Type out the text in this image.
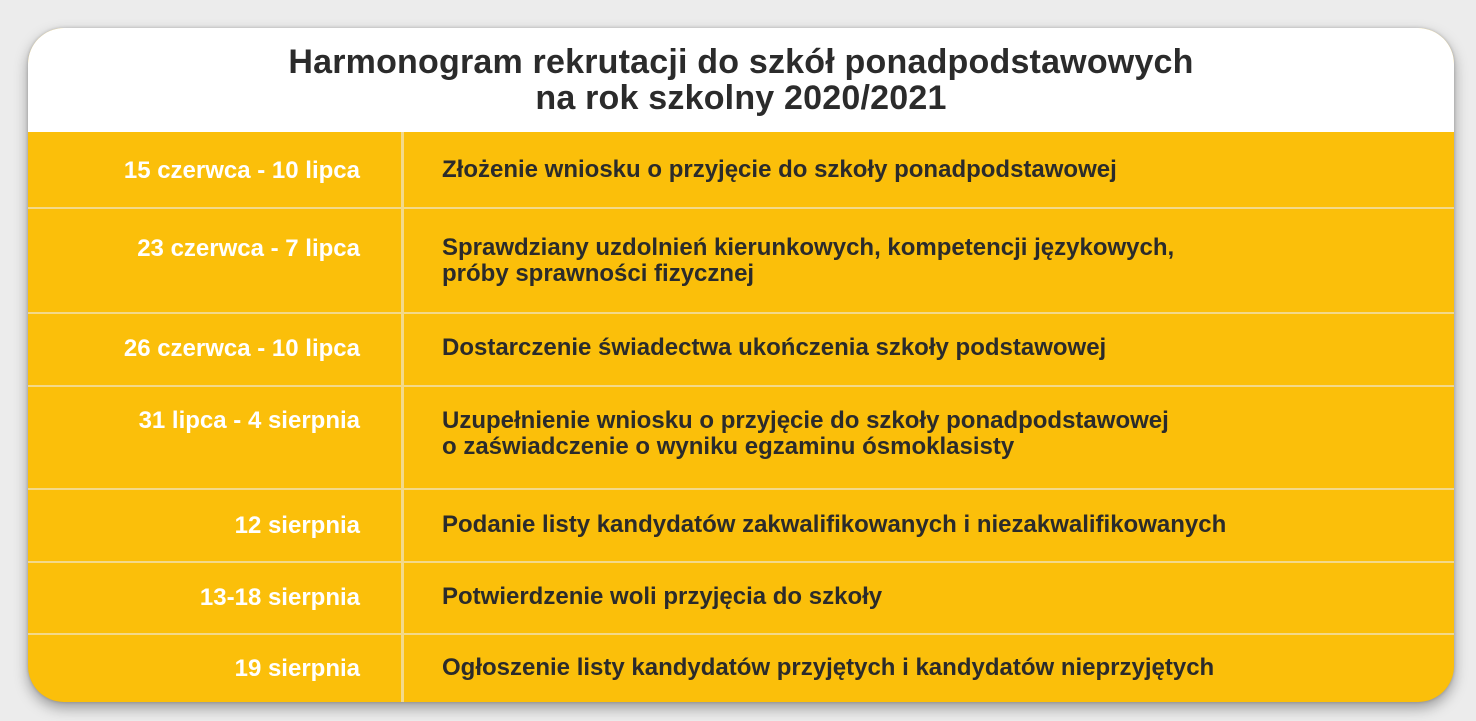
Harmonogram rekrutacji do szkół ponadpodstawowych
na rok szkolny 2020/2021
15 czerwca - 10 lipca	Złożenie wniosku o przyjęcie do szkoły ponadpodstawowej
23 czerwca - 7 lipca	Sprawdziany uzdolnień kierunkowych, kompetencji językowych,
próby sprawności fizycznej
26 czerwca - 10 lipca	Dostarczenie świadectwa ukończenia szkoły podstawowej
31 lipca - 4 sierpnia	Uzupełnienie wniosku o przyjęcie do szkoły ponadpodstawowej
o zaświadczenie o wyniku egzaminu ósmoklasisty
12 sierpnia	Podanie listy kandydatów zakwalifikowanych i niezakwalifikowanych
13-18 sierpnia	Potwierdzenie woli przyjęcia do szkoły
19 sierpnia	Ogłoszenie listy kandydatów przyjętych i kandydatów nieprzyjętych
